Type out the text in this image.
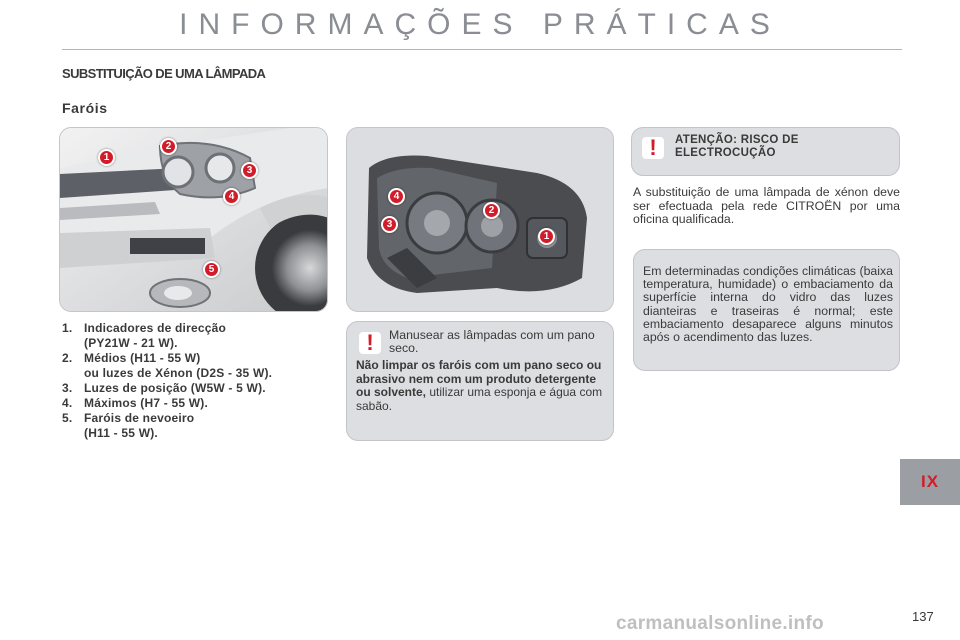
INFORMAÇÕES PRÁTICAS
SUBSTITUIÇÃO DE UMA LÂMPADA
Faróis
1
2
3
4
5
4
3
2
1
1. Indicadores de direcção
(PY21W - 21 W).
2. Médios (H11 - 55 W)
ou luzes de Xénon (D2S - 35 W).
3. Luzes de posição (W5W - 5 W).
4. Máximos (H7 - 55 W).
5. Faróis de nevoeiro
(H11 - 55 W).
!	ATENÇÃO: RISCO DE
ELECTROCUÇÃO
A substituição de uma lâmpada de xénon deve ser efectuada pela rede CITROËN por uma oficina qualificada.
!	Manusear as lâmpadas com um pano seco.
Não limpar os faróis com um pano seco ou abrasivo nem com um produto detergente ou solvente, utilizar uma esponja e água com sabão.
Em determinadas condições climáticas (baixa temperatura, humidade) o embaciamento da superfície interna do vidro das luzes dianteiras e traseiras é normal; este embaciamento desaparece alguns minutos após o acendimento das luzes.
IX
137
carmanualsonline.info
